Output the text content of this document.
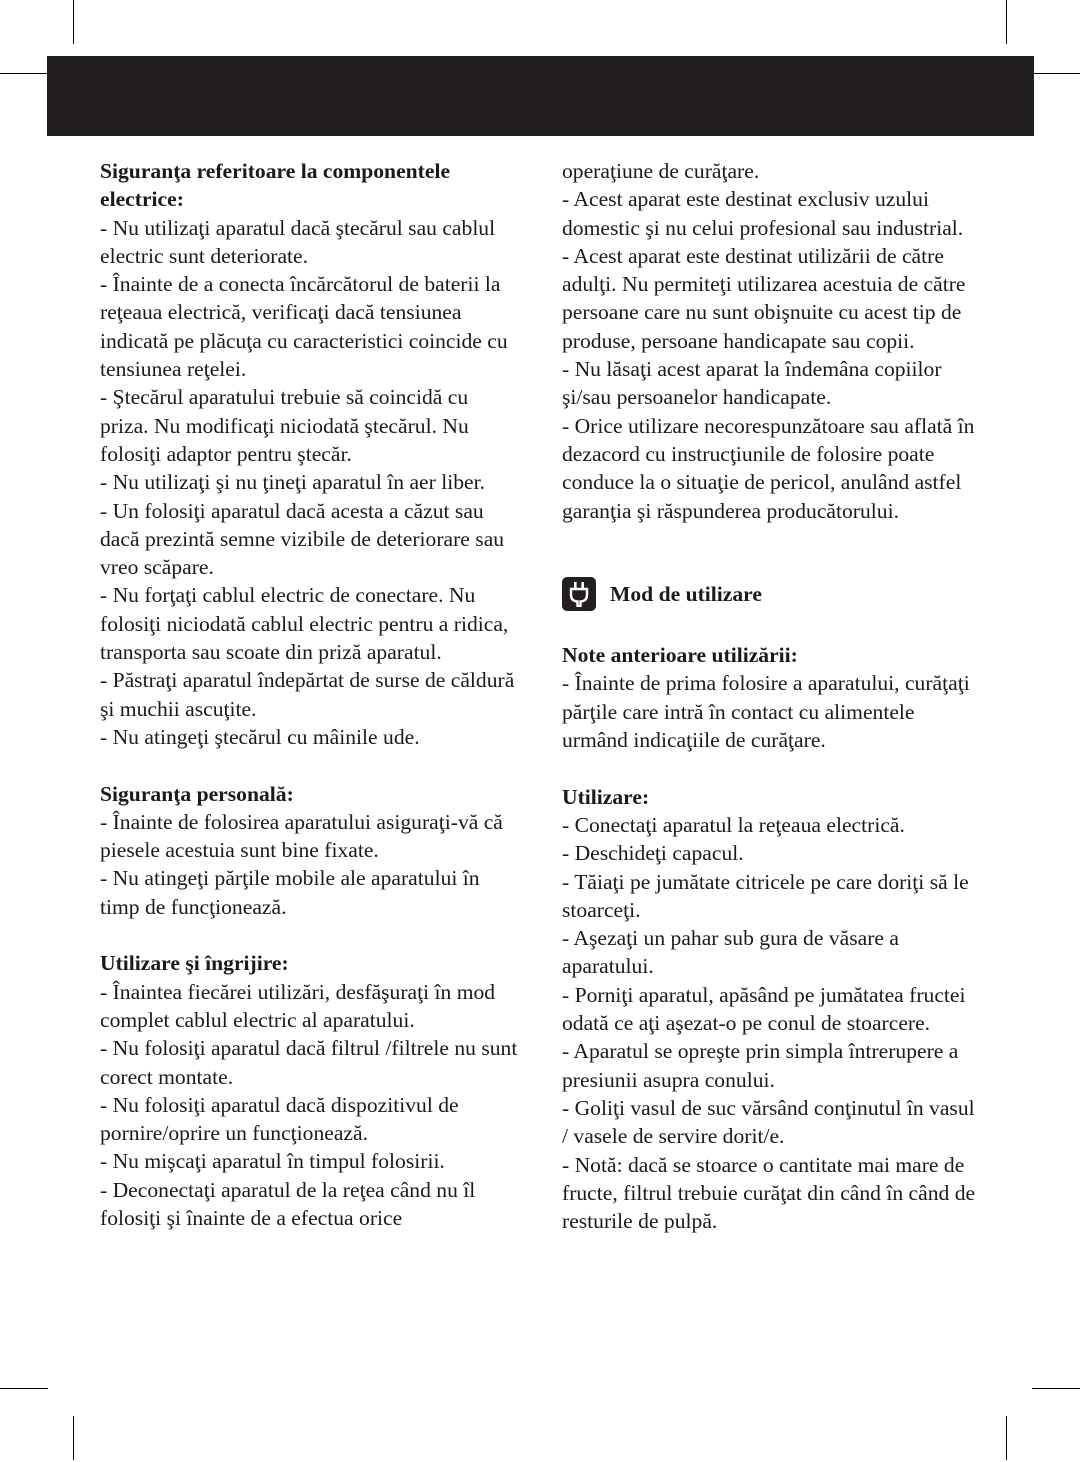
Siguranţa referitoare la componentele electrice:

- Nu utilizaţi aparatul dacă ştecărul sau cablul electric sunt deteriorate.

- Înainte de a conecta încărcătorul de baterii la reţeaua electrică, verificaţi dacă tensiunea indicată pe plăcuţa cu caracteristici coincide cu tensiunea reţelei.

- Ştecărul aparatului trebuie să coincidă cu priza. Nu modificaţi niciodată ştecărul. Nu folosiţi adaptor pentru ştecăr.

- Nu utilizaţi şi nu ţineţi aparatul în aer liber.

- Un folosiţi aparatul dacă acesta a căzut sau dacă prezintă semne vizibile de deteriorare sau vreo scăpare.

- Nu forţaţi cablul electric de conectare. Nu folosiţi niciodată cablul electric pentru a ridica, transporta sau scoate din priză aparatul.

- Păstraţi aparatul îndepărtat de surse de căldură şi muchii ascuţite.

- Nu atingeţi ştecărul cu mâinile ude.

Siguranţa personală:

- Înainte de folosirea aparatului asiguraţi-vă că piesele acestuia sunt bine fixate.

- Nu atingeţi părţile mobile ale aparatului în timp de funcţionează.

Utilizare şi îngrijire:

- Înaintea fiecărei utilizări, desfăşuraţi în mod complet cablul electric al aparatului.

- Nu folosiţi aparatul dacă filtrul /filtrele nu sunt corect montate.

- Nu folosiţi aparatul dacă dispozitivul de pornire/oprire un funcţionează.

- Nu mişcaţi aparatul în timpul folosirii.

- Deconectaţi aparatul de la reţea când nu îl folosiţi şi înainte de a efectua orice

operaţiune de curăţare.

- Acest aparat este destinat exclusiv uzului domestic şi nu celui profesional sau industrial.

- Acest aparat este destinat utilizării de către adulţi. Nu permiteţi utilizarea acestuia de către persoane care nu sunt obişnuite cu acest tip de produse, persoane handicapate sau copii.

- Nu lăsaţi acest aparat la îndemâna copiilor şi/sau persoanelor handicapate.

- Orice utilizare necorespunzătoare sau aflată în dezacord cu instrucţiunile de folosire poate conduce la o situaţie de pericol, anulând astfel garanţia şi răspunderea producătorului.

Mod de utilizare
Note anterioare utilizării:

- Înainte de prima folosire a aparatului, curăţaţi părţile care intră în contact cu alimentele urmând indicaţiile de curăţare.

Utilizare:

- Conectaţi aparatul la reţeaua electrică.

- Deschideţi capacul.

- Tăiaţi pe jumătate citricele pe care doriţi să le stoarceţi.

- Aşezaţi un pahar sub gura de văsare a aparatului.

- Porniţi aparatul, apăsând pe jumătatea fructei odată ce aţi aşezat-o pe conul de stoarcere.

- Aparatul se opreşte prin simpla întrerupere a presiunii asupra conului.

- Goliţi vasul de suc vărsând conţinutul în vasul / vasele de servire dorit/e.

- Notă: dacă se stoarce o cantitate mai mare de fructe, filtrul trebuie curăţat din când în când de resturile de pulpă.
